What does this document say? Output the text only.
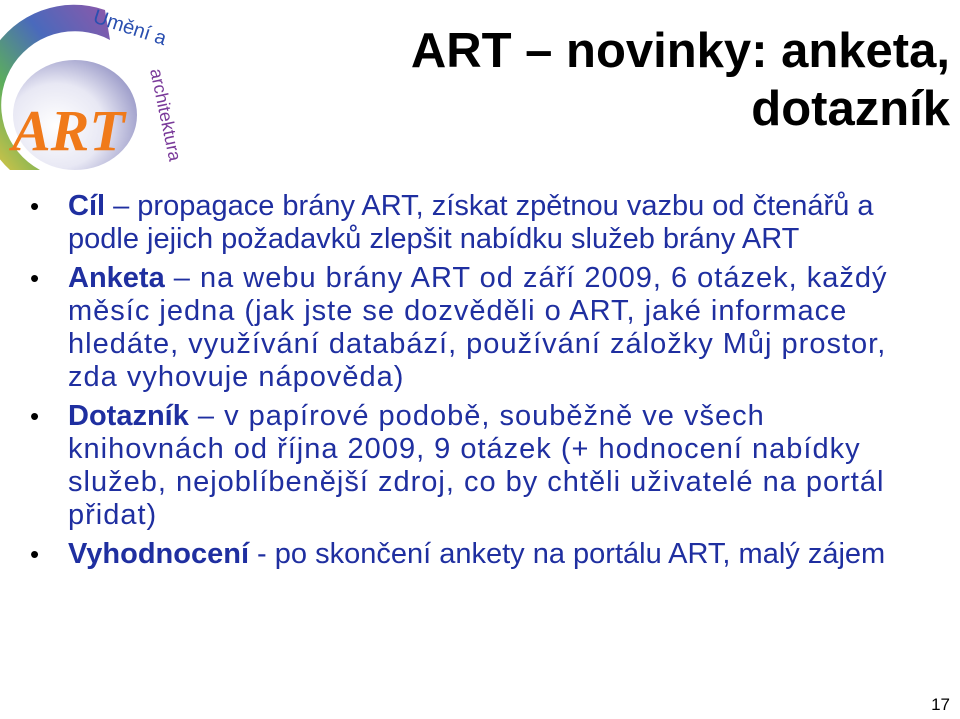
ART
Umění a
architektura
ART – novinky: anketa,
dotazník
• Cíl – propagace brány ART, získat zpětnou vazbu od čtenářů a podle jejich požadavků zlepšit nabídku služeb brány ART
• Anketa – na webu brány ART od září 2009, 6 otázek, každý měsíc jedna (jak jste se dozvěděli o ART, jaké informace hledáte, využívání databází, používání záložky Můj prostor, zda vyhovuje nápověda)
• Dotazník – v papírové podobě, souběžně ve všech knihovnách od října 2009, 9 otázek (+ hodnocení nabídky služeb, nejoblíbenější zdroj, co by chtěli uživatelé na portál přidat)
• Vyhodnocení - po skončení ankety na portálu ART, malý zájem
17
